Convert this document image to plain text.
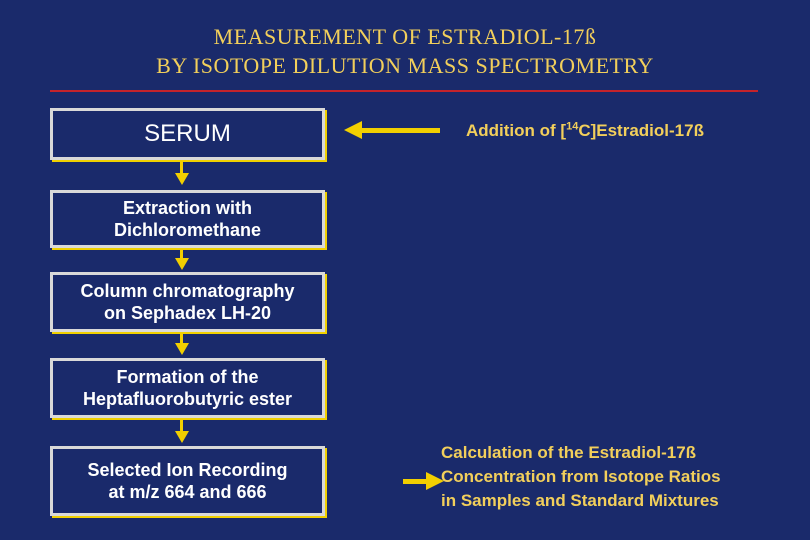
MEASUREMENT OF ESTRADIOL-17ß
BY ISOTOPE DILUTION MASS SPECTROMETRY
SERUM
Extraction with
Dichloromethane
Column chromatography
on Sephadex LH-20
Formation of the
Heptafluorobutyric ester
Selected Ion Recording
at m/z 664 and 666
Addition of [$^{14}$C]Estradiol-17ß
Calculation of the Estradiol-17ß
Concentration from Isotope Ratios
in Samples and Standard Mixtures
